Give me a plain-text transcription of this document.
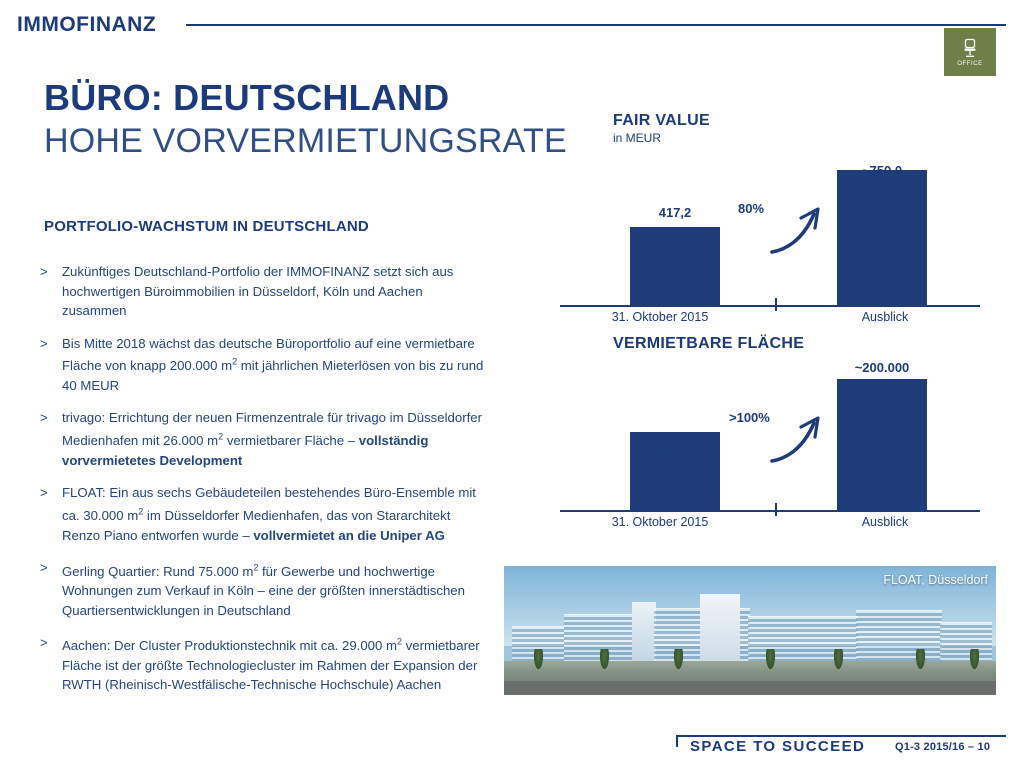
IMMOFINANZ
OFFICE
BÜRO: DEUTSCHLAND
HOHE VORVERMIETUNGSRATE
PORTFOLIO-WACHSTUM IN DEUTSCHLAND
> Zukünftiges Deutschland-Portfolio der IMMOFINANZ setzt sich aus hochwertigen Büroimmobilien in Düsseldorf, Köln und Aachen zusammen
> Bis Mitte 2018 wächst das deutsche Büroportfolio auf eine vermietbare Fläche von knapp 200.000 $m^2$ mit jährlichen Mieterlösen von bis zu rund 40 MEUR
> trivago: Errichtung der neuen Firmenzentrale für trivago im Düsseldorfer Medienhafen mit 26.000 $m^2$ vermietbarer Fläche – vollständig vorvermietetes Development
> FLOAT: Ein aus sechs Gebäudeteilen bestehendes Büro-Ensemble mit ca. 30.000 $m^2$ im Düsseldorfer Medienhafen, das von Stararchitekt Renzo Piano entworfen wurde – vollvermietet an die Uniper AG
> Gerling Quartier: Rund 75.000 $m^2$ für Gewerbe und hochwertige Wohnungen zum Verkauf in Köln – eine der größten innerstädtischen Quartiersentwicklungen in Deutschland
> Aachen: Der Cluster Produktionstechnik mit ca. 29.000 $m^2$ vermietbarer Fläche ist der größte Technologiecluster im Rahmen der Expansion der RWTH (Rheinisch-Westfälische-Technische Hochschule) Aachen
FAIR VALUE
in MEUR
417,2
~750,0
80%
31. Oktober 2015	Ausblick
VERMIETBARE FLÄCHE
52.616
~200.000
>100%
31. Oktober 2015	Ausblick
FLOAT, Düsseldorf
SPACE TO SUCCEED	Q1-3 2015/16 – 10
